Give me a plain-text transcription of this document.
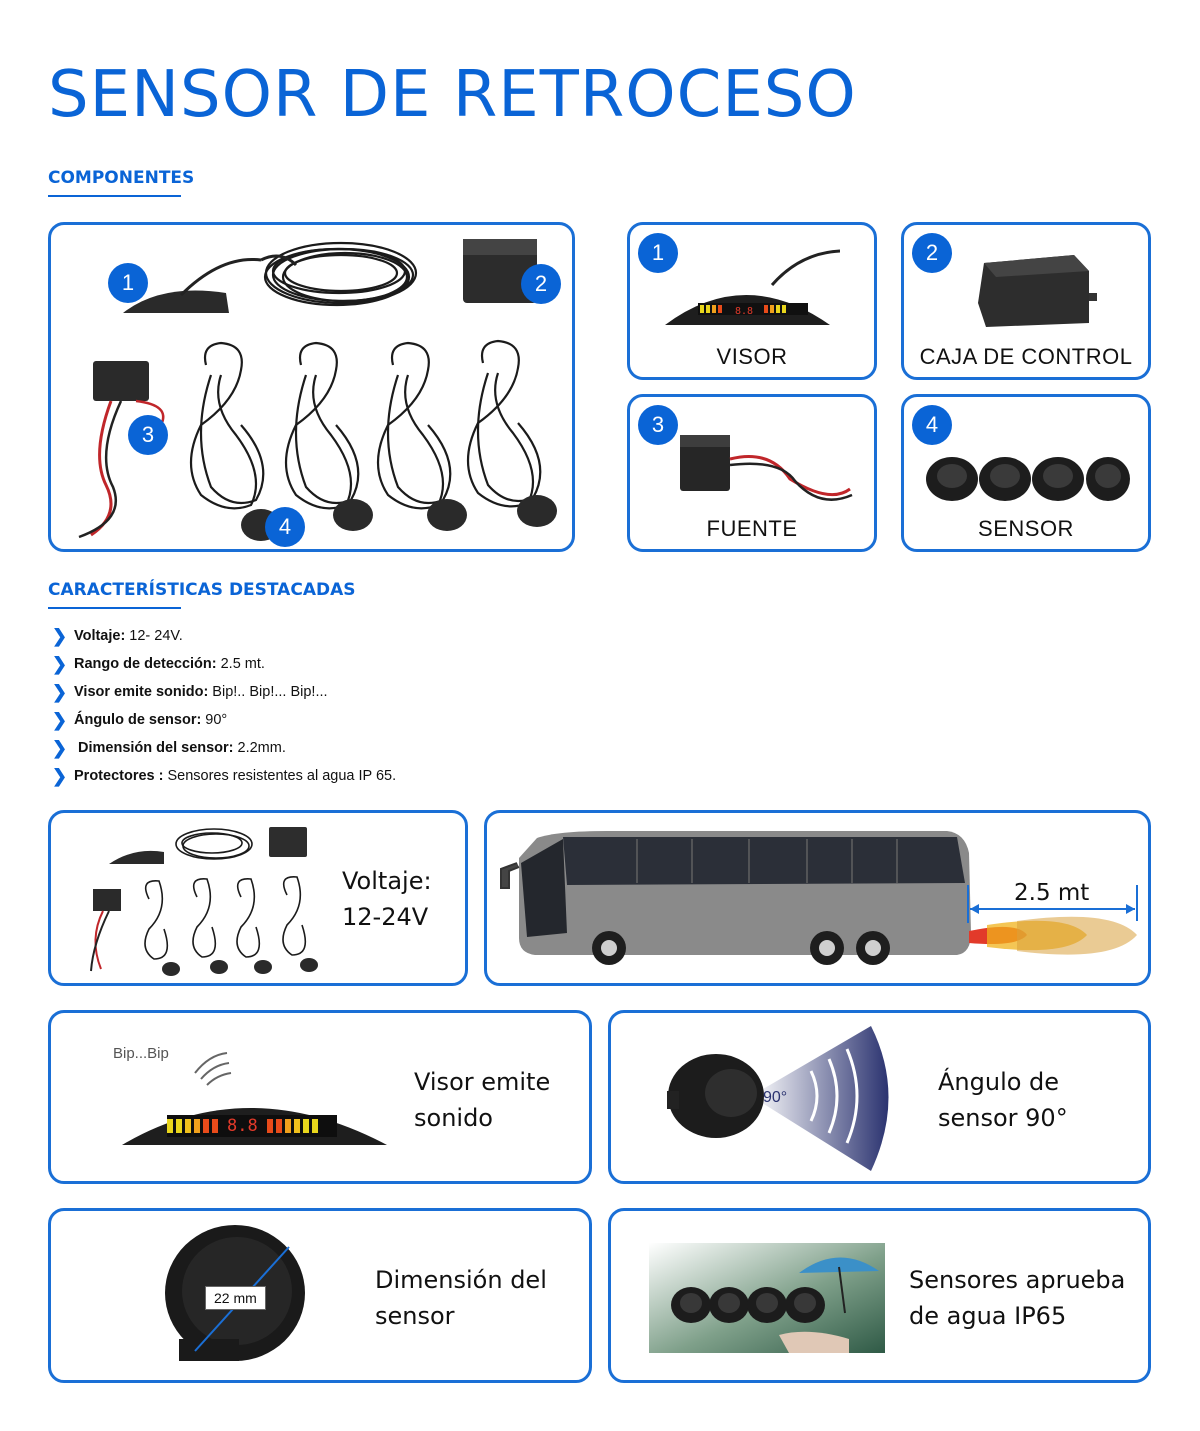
SENSOR DE RETROCESO
COMPONENTES
1	2
3
4
1
8.8
VISOR
2
CAJA DE CONTROL
3
FUENTE
4
SENSOR
CARACTERÍSTICAS DESTACADAS
❯ Voltaje: 12- 24V.
❯ Rango de detección: 2.5 mt.
❯ Visor emite sonido: Bip!.. Bip!... Bip!...
❯ Ángulo de sensor: 90°
❯ Dimensión del sensor: 2.2mm.
❯ Protectores : Sensores resistentes al agua IP 65.
Voltaje:
12-24V
2.5 mt
Bip...Bip
8.8
Visor emite
sonido
90°
Ángulo de
sensor 90°
22 mm
Dimensión del
sensor
Sensores aprueba
de agua IP65
